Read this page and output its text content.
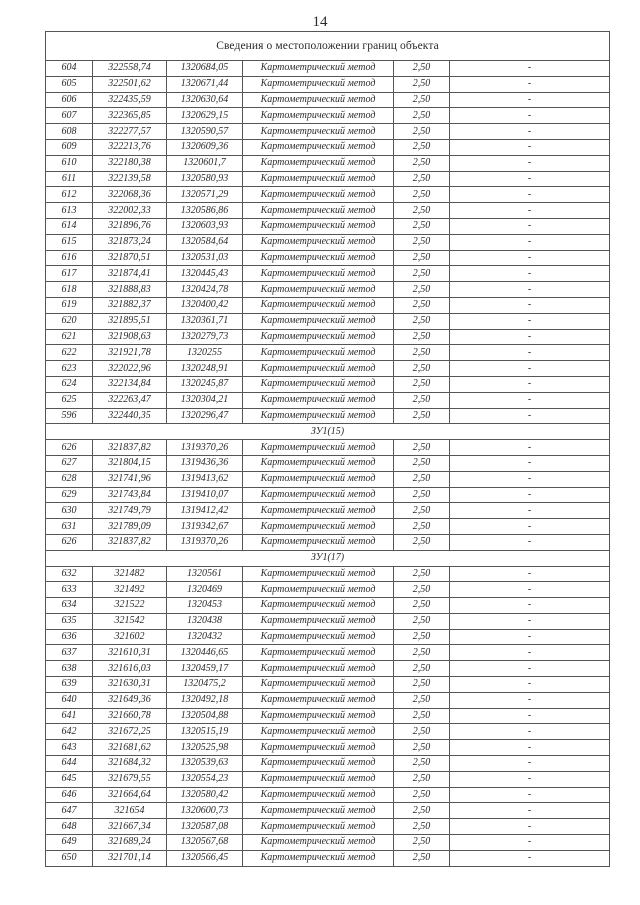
14
Сведения о местоположении границ объекта					
604	322558,74	1320684,05	Картометрический метод	2,50	-
605	322501,62	1320671,44	Картометрический метод	2,50	-
606	322435,59	1320630,64	Картометрический метод	2,50	-
607	322365,85	1320629,15	Картометрический метод	2,50	-
608	322277,57	1320590,57	Картометрический метод	2,50	-
609	322213,76	1320609,36	Картометрический метод	2,50	-
610	322180,38	1320601,7	Картометрический метод	2,50	-
611	322139,58	1320580,93	Картометрический метод	2,50	-
612	322068,36	1320571,29	Картометрический метод	2,50	-
613	322002,33	1320586,86	Картометрический метод	2,50	-
614	321896,76	1320603,93	Картометрический метод	2,50	-
615	321873,24	1320584,64	Картометрический метод	2,50	-
616	321870,51	1320531,03	Картометрический метод	2,50	-
617	321874,41	1320445,43	Картометрический метод	2,50	-
618	321888,83	1320424,78	Картометрический метод	2,50	-
619	321882,37	1320400,42	Картометрический метод	2,50	-
620	321895,51	1320361,71	Картометрический метод	2,50	-
621	321908,63	1320279,73	Картометрический метод	2,50	-
622	321921,78	1320255	Картометрический метод	2,50	-
623	322022,96	1320248,91	Картометрический метод	2,50	-
624	322134,84	1320245,87	Картометрический метод	2,50	-
625	322263,47	1320304,21	Картометрический метод	2,50	-
596	322440,35	1320296,47	Картометрический метод	2,50	-
ЗУ1(15)					
626	321837,82	1319370,26	Картометрический метод	2,50	-
627	321804,15	1319436,36	Картометрический метод	2,50	-
628	321741,96	1319413,62	Картометрический метод	2,50	-
629	321743,84	1319410,07	Картометрический метод	2,50	-
630	321749,79	1319412,42	Картометрический метод	2,50	-
631	321789,09	1319342,67	Картометрический метод	2,50	-
626	321837,82	1319370,26	Картометрический метод	2,50	-
ЗУ1(17)					
632	321482	1320561	Картометрический метод	2,50	-
633	321492	1320469	Картометрический метод	2,50	-
634	321522	1320453	Картометрический метод	2,50	-
635	321542	1320438	Картометрический метод	2,50	-
636	321602	1320432	Картометрический метод	2,50	-
637	321610,31	1320446,65	Картометрический метод	2,50	-
638	321616,03	1320459,17	Картометрический метод	2,50	-
639	321630,31	1320475,2	Картометрический метод	2,50	-
640	321649,36	1320492,18	Картометрический метод	2,50	-
641	321660,78	1320504,88	Картометрический метод	2,50	-
642	321672,25	1320515,19	Картометрический метод	2,50	-
643	321681,62	1320525,98	Картометрический метод	2,50	-
644	321684,32	1320539,63	Картометрический метод	2,50	-
645	321679,55	1320554,23	Картометрический метод	2,50	-
646	321664,64	1320580,42	Картометрический метод	2,50	-
647	321654	1320600,73	Картометрический метод	2,50	-
648	321667,34	1320587,08	Картометрический метод	2,50	-
649	321689,24	1320567,68	Картометрический метод	2,50	-
650	321701,14	1320566,45	Картометрический метод	2,50	-
